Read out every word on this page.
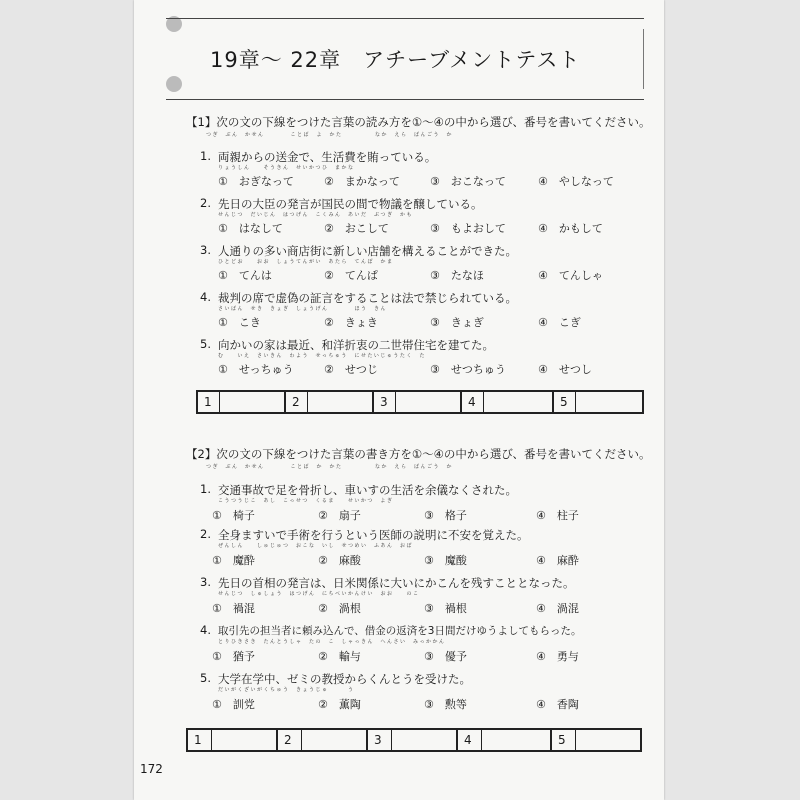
19章～ 22章　アチーブメントテスト
【1】次の文の下線をつけた言葉の読み方を①～④の中から選び、番号を書いてください。
つぎ　ぶん　かせん　　　　ことば　よ　かた　　　　　なか　えら　ばんごう　か
1. 両親からの送金で、生活費を賄っている。
りょうしん　　そうきん　せいかつひ　まかな
①　おぎなって	②　まかなって	③　おこなって	④　やしなって
2. 先日の大臣の発言が国民の間で物議を醸している。
せんじつ　だいじん　はつげん　こくみん　あいだ　ぶつぎ　かも
①　はなして	②　おこして	③　もよおして	④　かもして
3. 人通りの多い商店街に新しい店舗を構えることができた。
ひとどお　　おお　しょうてんがい　あたら　てんぽ　かま
①　てんは	②　てんぱ	③　たなほ	④　てんしゃ
4. 裁判の席で虚偽の証言をすることは法で禁じられている。
さいばん　せき　きょぎ　しょうげん　　　　ほう　きん
①　こき	②　きょき	③　きょぎ	④　こぎ
5. 向かいの家は最近、和洋折衷の二世帯住宅を建てた。
む　　いえ　さいきん　わよう　せっちゅう　にせたいじゅうたく　た
①　せっちゅう	②　せつじ	③　せつちゅう	④　せつし
1	2	3	4	5
【2】次の文の下線をつけた言葉の書き方を①～④の中から選び、番号を書いてください。
つぎ　ぶん　かせん　　　　ことば　か　かた　　　　　なか　えら　ばんごう　か
1. 交通事故で足を骨折し、車いすの生活を余儀なくされた。
こうつうじこ　あし　こっせつ　くるま　　せいかつ　よぎ
①　椅子	②　扇子	③　格子	④　柱子
2. 全身ますいで手術を行うという医師の説明に不安を覚えた。
ぜんしん　　しゅじゅつ　おこな　いし　せつめい　ふあん　おぼ
①　魔酔	②　麻酸	③　魔酸	④　麻酔
3. 先日の首相の発言は、日米関係に大いにかこんを残すこととなった。
せんじつ　しゅしょう　はつげん　にちべいかんけい　おお　　のこ
①　禍混	②　渦根	③　禍根	④　渦混
4. 取引先の担当者に頼み込んで、借金の返済を3日間だけゆうよしてもらった。
とりひきさき　たんとうしゃ　たの　こ　しゃっきん　へんさい　みっかかん
①　猶予	②　輸与	③　優予	④　勇与
5. 大学在学中、ゼミの教授からくんとうを受けた。
だいがくざいがくちゅう　きょうじゅ　　　う
①　訓党	②　薫陶	③　勲等	④　香陶
1	2	3	4	5
172
